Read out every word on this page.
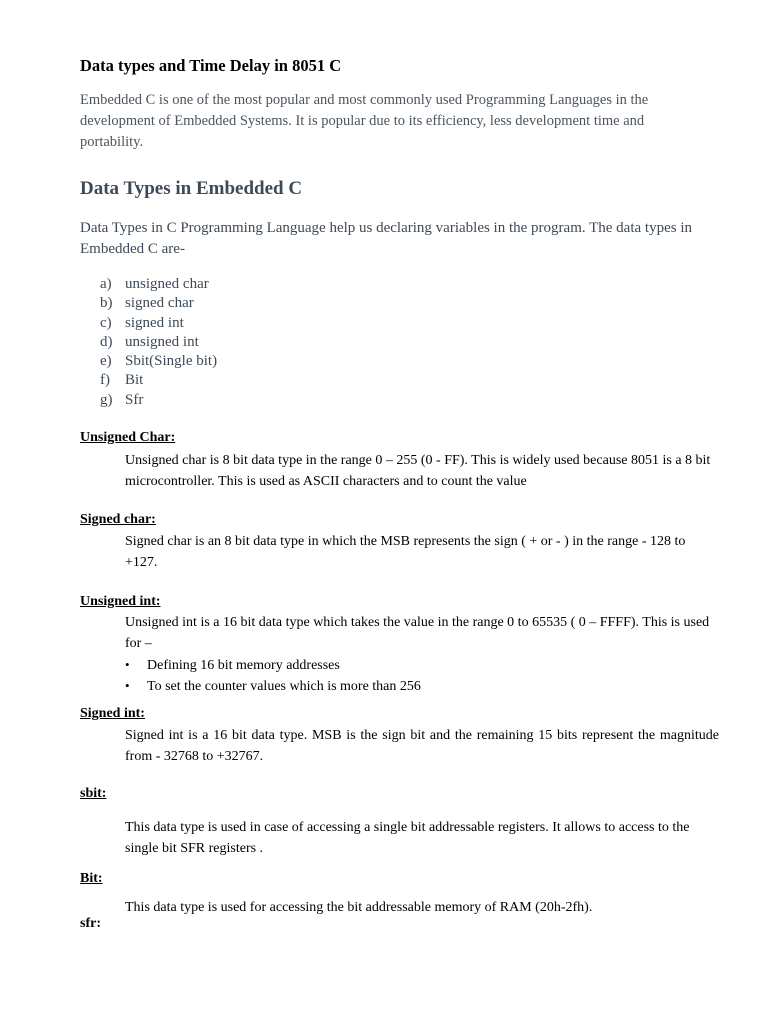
Data types and Time Delay in 8051 C
Embedded C is one of the most popular and most commonly used Programming Languages in the development of Embedded Systems. It is popular due to its efficiency, less development time and portability.
Data Types in Embedded C
Data Types in C Programming Language help us declaring variables in the program. The data types in Embedded C are-
a) unsigned char
b) signed char
c) signed int
d) unsigned int
e) Sbit(Single bit)
f)	Bit
g) Sfr
Unsigned Char:
Unsigned char is 8 bit data type in the range 0 – 255 (0 - FF). This is widely used because 8051 is a 8 bit microcontroller. This is used as ASCII characters and to count the value
Signed char:
Signed char is an 8 bit data type in which the MSB represents the sign ( + or - ) in the range - 128 to +127.
Unsigned int:
Unsigned int is a 16 bit data type which takes the value in the range 0 to 65535 ( 0 – FFFF). This is used for –
•	Defining 16 bit memory addresses
•	To set the counter values which is more than 256
Signed int:
Signed int is a 16 bit data type. MSB is the sign bit and the remaining 15 bits represent the magnitude from - 32768 to +32767.
sbit:
This data type is used in case of accessing a single bit addressable registers. It allows to access to the single bit SFR registers .
Bit:
This data type is used for accessing the bit addressable memory of RAM (20h-2fh).
sfr:
